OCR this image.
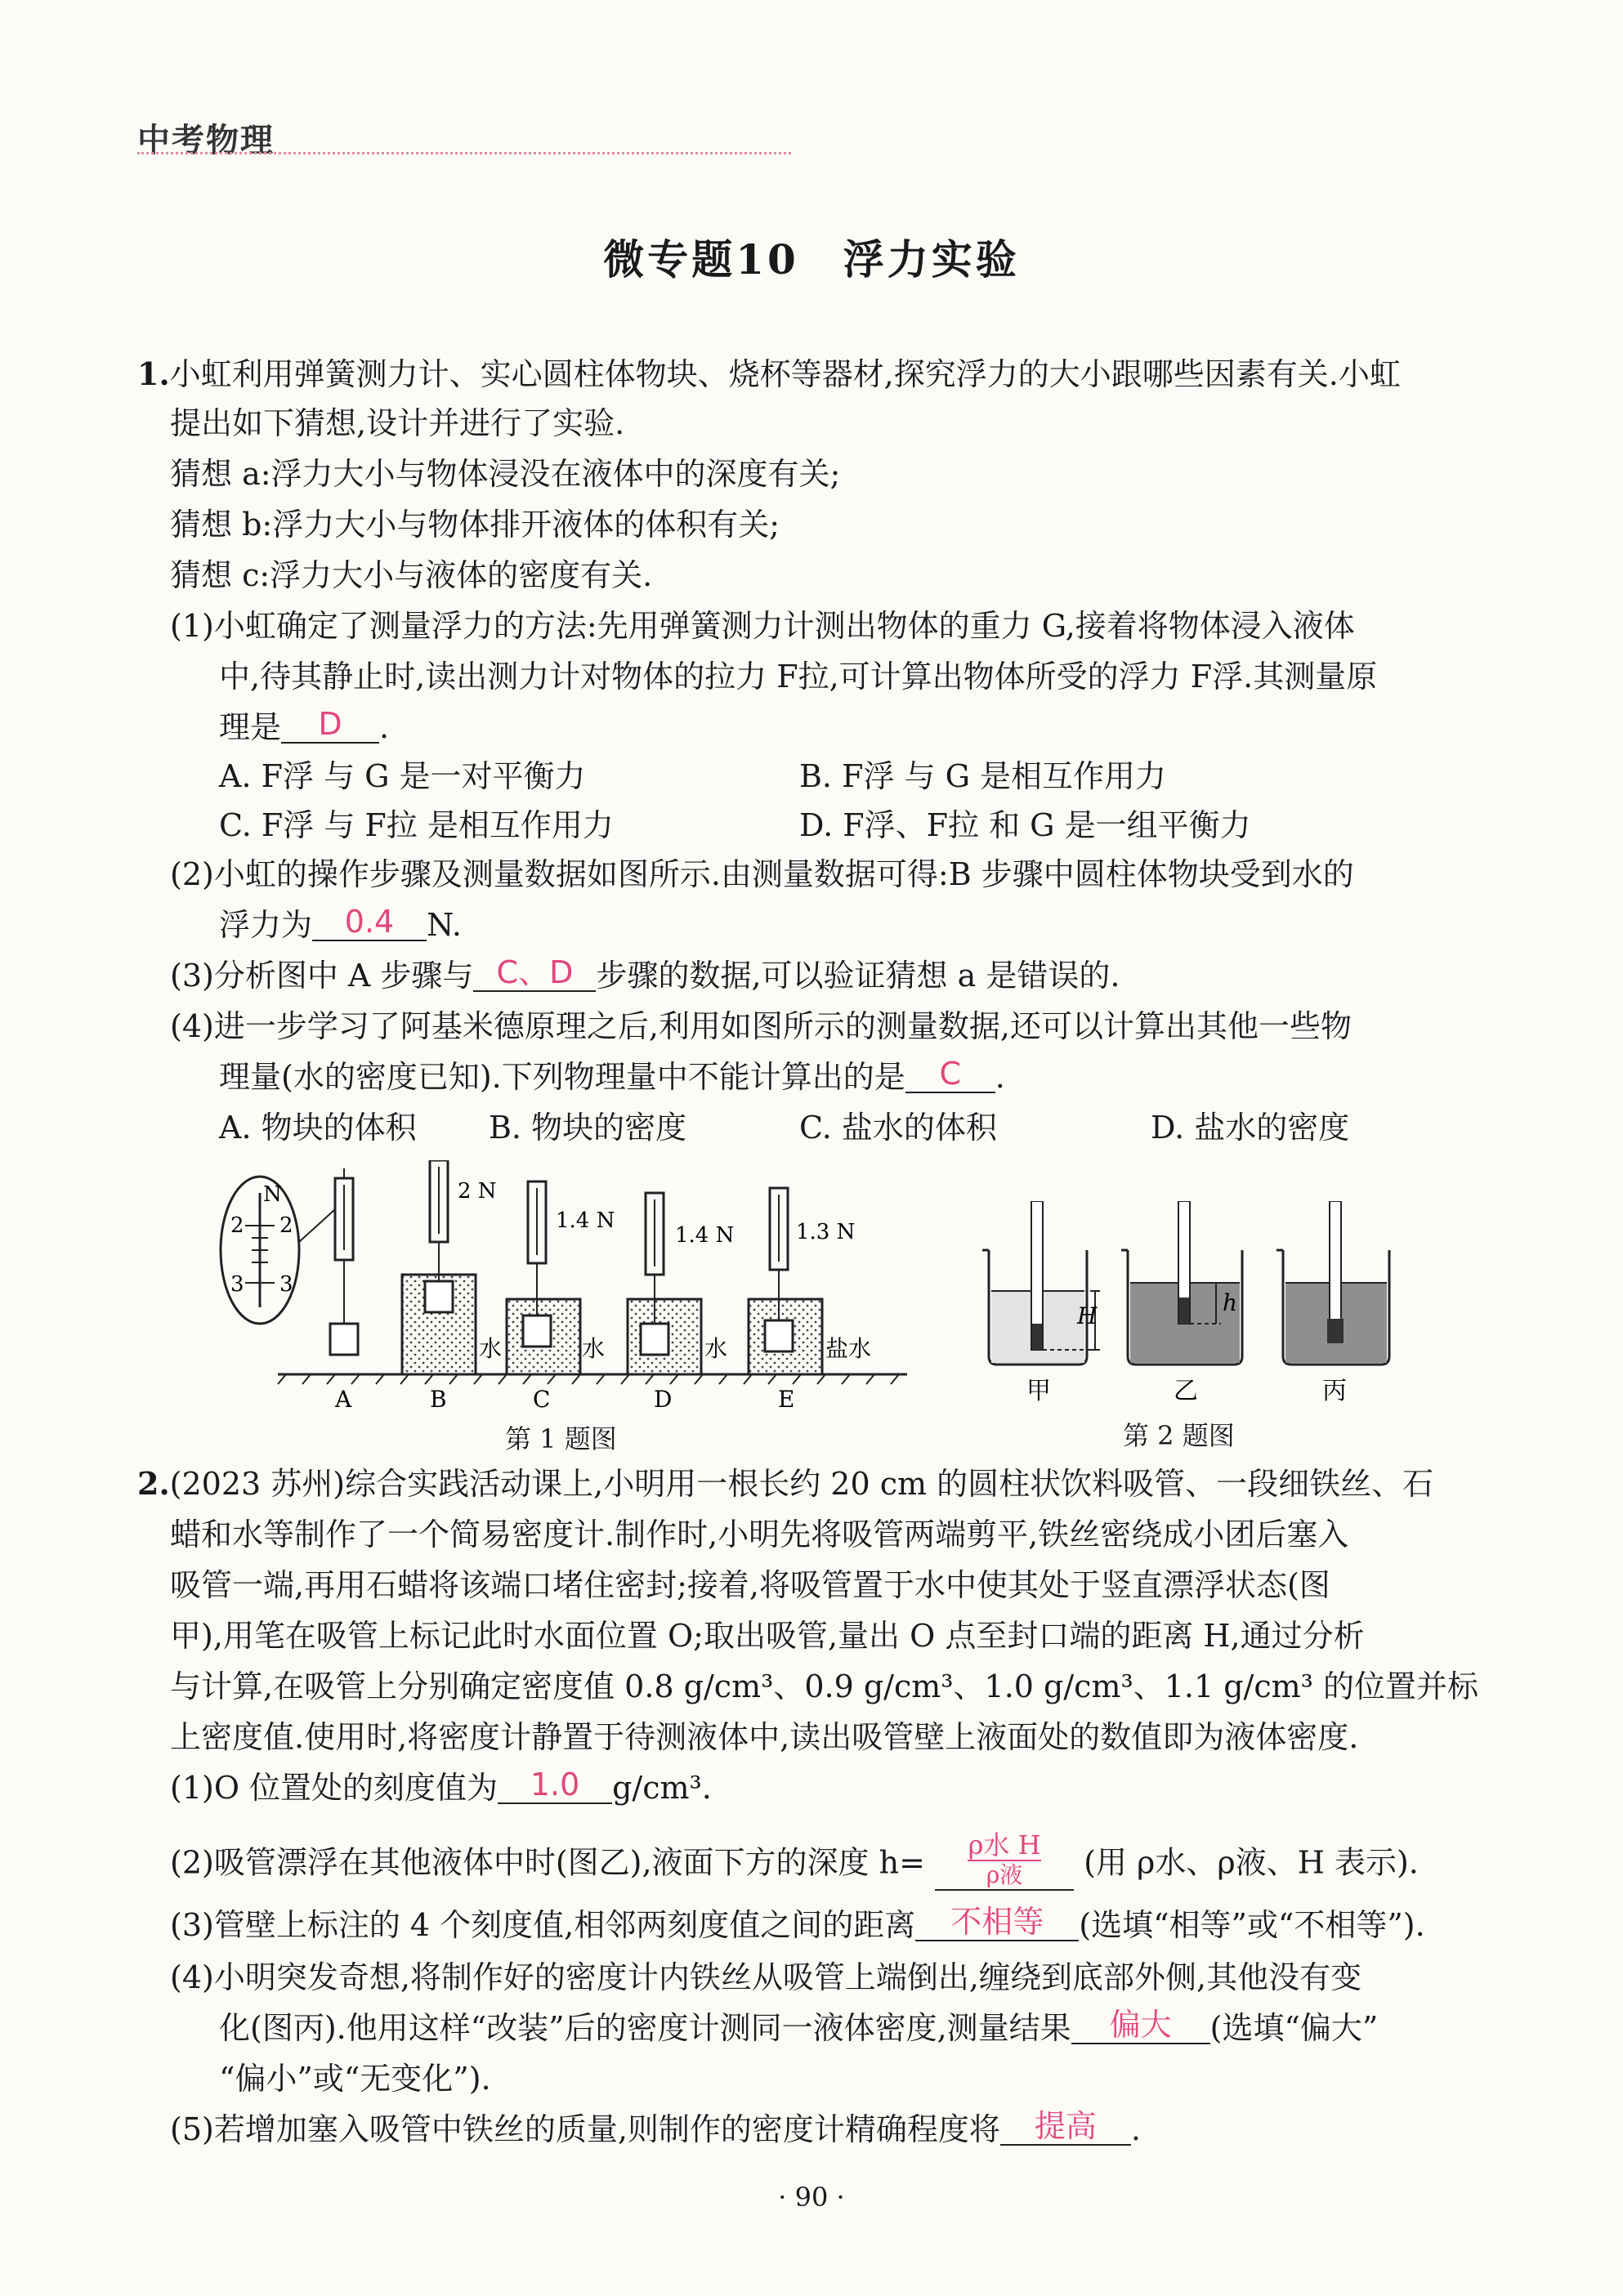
中考物理
微专题10　浮力实验
1.小虹利用弹簧测力计、实心圆柱体物块、烧杯等器材,探究浮力的大小跟哪些因素有关.小虹
提出如下猜想,设计并进行了实验.
猜想 a:浮力大小与物体浸没在液体中的深度有关;
猜想 b:浮力大小与物体排开液体的体积有关;
猜想 c:浮力大小与液体的密度有关.
(1)小虹确定了测量浮力的方法:先用弹簧测力计测出物体的重力 G,接着将物体浸入液体
中,待其静止时,读出测力计对物体的拉力 F拉,可计算出物体所受的浮力 F浮.其测量原
理是 D .
A. F浮 与 G 是一对平衡力	B. F浮 与 G 是相互作用力
C. F浮 与 F拉 是相互作用力	D. F浮、F拉 和 G 是一组平衡力
(2)小虹的操作步骤及测量数据如图所示.由测量数据可得:B 步骤中圆柱体物块受到水的
浮力为 0.4 N.
(3)分析图中 A 步骤与 C、D 步骤的数据,可以验证猜想 a 是错误的.
(4)进一步学习了阿基米德原理之后,利用如图所示的测量数据,还可以计算出其他一些物
理量(水的密度已知).下列物理量中不能计算出的是 C .
A. 物块的体积 B. 物块的密度	C. 盐水的体积	D. 盐水的密度
N
2 2
3 3
2 N
水
1.4 N
水
1.4 N
水
1.3 N
盐水
A	B	C	D	E
第 1 题图
H	h
甲	乙	丙
第 2 题图
2.(2023 苏州)综合实践活动课上,小明用一根长约 20 cm 的圆柱状饮料吸管、一段细铁丝、石
蜡和水等制作了一个简易密度计.制作时,小明先将吸管两端剪平,铁丝密绕成小团后塞入
吸管一端,再用石蜡将该端口堵住密封;接着,将吸管置于水中使其处于竖直漂浮状态(图
甲),用笔在吸管上标记此时水面位置 O;取出吸管,量出 O 点至封口端的距离 H,通过分析
与计算,在吸管上分别确定密度值 0.8 g/cm³、0.9 g/cm³、1.0 g/cm³、1.1 g/cm³ 的位置并标
上密度值.使用时,将密度计静置于待测液体中,读出吸管壁上液面处的数值即为液体密度.
(1)O 位置处的刻度值为 1.0 g/cm³.
(2)吸管漂浮在其他液体中时(图乙),液面下方的深度 h= ρ水 H
ρ液	(用 ρ水、ρ液、H 表示).
(3)管壁上标注的 4 个刻度值,相邻两刻度值之间的距离 不相等 (选填“相等”或“不相等”).
(4)小明突发奇想,将制作好的密度计内铁丝从吸管上端倒出,缠绕到底部外侧,其他没有变
化(图丙).他用这样“改装”后的密度计测同一液体密度,测量结果 偏大 (选填“偏大”
“偏小”或“无变化”).
(5)若增加塞入吸管中铁丝的质量,则制作的密度计精确程度将 提高 .
· 90 ·
